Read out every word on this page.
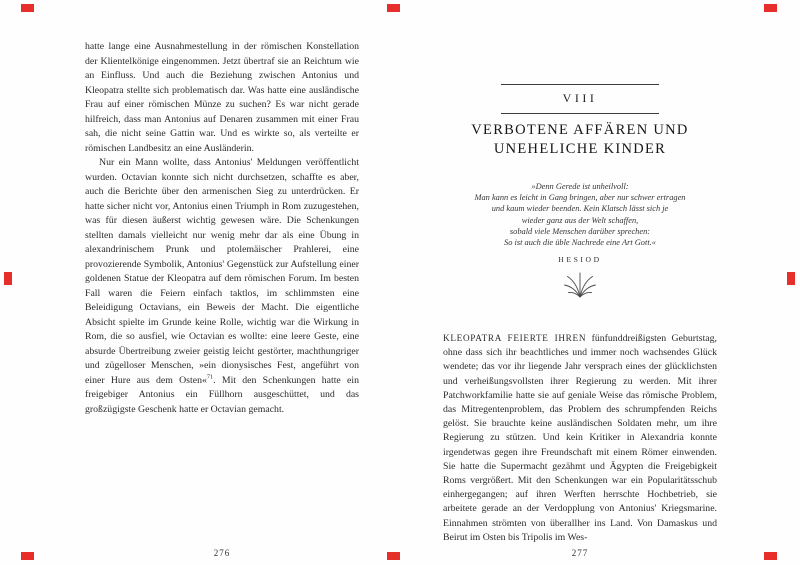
hatte lange eine Ausnahmestellung in der römischen Konstellation der Klientelkönige eingenommen. Jetzt übertraf sie an Reichtum wie an Einfluss. Und auch die Beziehung zwischen Antonius und Kleopatra stellte sich problematisch dar. Was hatte eine ausländische Frau auf einer römischen Münze zu suchen? Es war nicht gerade hilfreich, dass man Antonius auf Denaren zusammen mit einer Frau sah, die nicht seine Gattin war. Und es wirkte so, als verteilte er römischen Landbesitz an eine Ausländerin.

Nur ein Mann wollte, dass Antonius' Meldungen veröffentlicht wurden. Octavian konnte sich nicht durchsetzen, schaffte es aber, auch die Berichte über den armenischen Sieg zu unterdrücken. Er hatte sicher nicht vor, Antonius einen Triumph in Rom zuzugestehen, was für diesen äußerst wichtig gewesen wäre. Die Schenkungen stellten damals vielleicht nur wenig mehr dar als eine Übung in alexandrinischem Prunk und ptolemäischer Prahlerei, eine provozierende Symbolik, Antonius' Gegenstück zur Aufstellung einer goldenen Statue der Kleopatra auf dem römischen Forum. Im besten Fall waren die Feiern einfach taktlos, im schlimmsten eine Beleidigung Octavians, ein Beweis der Macht. Die eigentliche Absicht spielte im Grunde keine Rolle, wichtig war die Wirkung in Rom, die so ausfiel, wie Octavian es wollte: eine leere Geste, eine absurde Übertreibung zweier geistig leicht gestörter, machthungriger und zügelloser Menschen, »ein dionysisches Fest, angeführt von einer Hure aus dem Osten«$^{71}$. Mit den Schenkungen hatte ein freigebiger Antonius ein Füllhorn ausgeschüttet, und das großzügigste Geschenk hatte er Octavian gemacht.

276
VIII
VERBOTENE AFFÄREN UND
UNEHELICHE KINDER
»Denn Gerede ist unheilvoll:
Man kann es leicht in Gang bringen, aber nur schwer ertragen
und kaum wieder beenden. Kein Klatsch lässt sich je
wieder ganz aus der Welt schaffen,
sobald viele Menschen darüber sprechen:
So ist auch die üble Nachrede eine Art Gott.«
HESIOD

KLEOPATRA FEIERTE IHREN fünfunddreißigsten Geburtstag, ohne dass sich ihr beachtliches und immer noch wachsendes Glück wendete; das vor ihr liegende Jahr versprach eines der glücklichsten und verheißungsvollsten ihrer Regierung zu werden. Mit ihrer Patchworkfamilie hatte sie auf geniale Weise das römische Problem, das Mitregentenproblem, das Problem des schrumpfenden Reichs gelöst. Sie brauchte keine ausländischen Soldaten mehr, um ihre Regierung zu stützen. Und kein Kritiker in Alexandria konnte irgendetwas gegen ihre Freundschaft mit einem Römer einwenden. Sie hatte die Supermacht gezähmt und Ägypten die Freigebigkeit Roms vergrößert. Mit den Schenkungen war ein Popularitätsschub einhergegangen; auf ihren Werften herrschte Hochbetrieb, sie arbeitete gerade an der Verdopplung von Antonius' Kriegsmarine. Einnahmen strömten von überallher ins Land. Von Damaskus und Beirut im Osten bis Tripolis im Wes-

277
